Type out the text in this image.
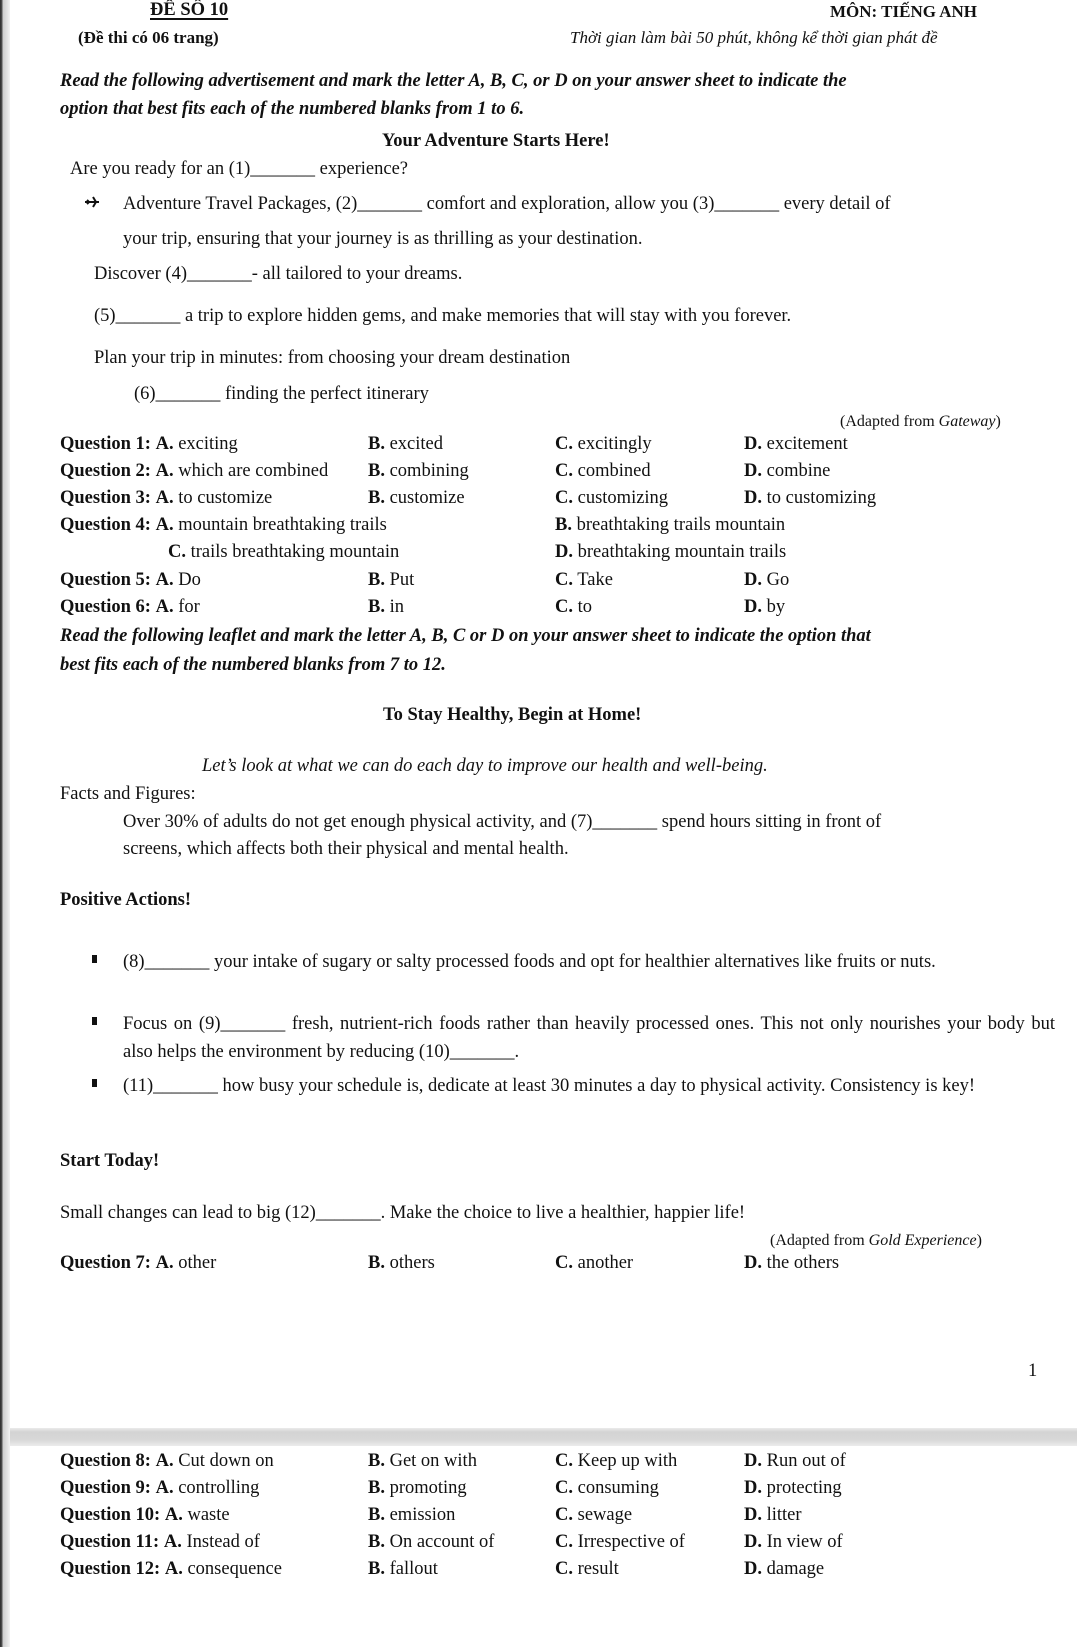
ĐỀ SỐ 10	MÔN: TIẾNG ANH
(Đề thi có 06 trang)	Thời gian làm bài 50 phút, không kể thời gian phát đề
Read the following advertisement and mark the letter A, B, C, or D on your answer sheet to indicate the
option that best fits each of the numbered blanks from 1 to 6.
Your Adventure Starts Here!
Are you ready for an (1)_______ experience?
Adventure Travel Packages, (2)_______ comfort and exploration, allow you (3)_______ every detail of
your trip, ensuring that your journey is as thrilling as your destination.
Discover (4)_______- all tailored to your dreams.
(5)_______ a trip to explore hidden gems, and make memories that will stay with you forever.
Plan your trip in minutes: from choosing your dream destination
(6)_______ finding the perfect itinerary
(Adapted from Gateway)
Question 1: A. exciting	B. excited	C. excitingly	D. excitement
Question 2: A. which are combined B. combining	C. combined	D. combine
Question 3: A. to customize	B. customize	C. customizing	D. to customizing
Question 4: A. mountain breathtaking trails	B. breathtaking trails mountain
C. trails breathtaking mountain	D. breathtaking mountain trails
Question 5: A. Do	B. Put	C. Take	D. Go
Question 6: A. for	B. in	C. to	D. by
Read the following leaflet and mark the letter A, B, C or D on your answer sheet to indicate the option that
best fits each of the numbered blanks from 7 to 12.
To Stay Healthy, Begin at Home!
Let’s look at what we can do each day to improve our health and well-being.
Facts and Figures:
Over 30% of adults do not get enough physical activity, and (7)_______ spend hours sitting in front of
screens, which affects both their physical and mental health.
Positive Actions!
(8)_______ your intake of sugary or salty processed foods and opt for healthier alternatives like fruits or nuts.
Focus on (9)_______ fresh, nutrient-rich foods rather than heavily processed ones. This not only nourishes your body but also helps the environment by reducing (10)_______.
(11)_______ how busy your schedule is, dedicate at least 30 minutes a day to physical activity. Consistency is key!
Start Today!
Small changes can lead to big (12)_______. Make the choice to live a healthier, happier life!
(Adapted from Gold Experience)
Question 7: A. other	B. others	C. another	D. the others
1
Question 8: A. Cut down on	B. Get on with	C. Keep up with	D. Run out of
Question 9: A. controlling	B. promoting	C. consuming	D. protecting
Question 10: A. waste	B. emission	C. sewage	D. litter
Question 11: A. Instead of	B. On account of	C. Irrespective of	D. In view of
Question 12: A. consequence	B. fallout	C. result	D. damage
